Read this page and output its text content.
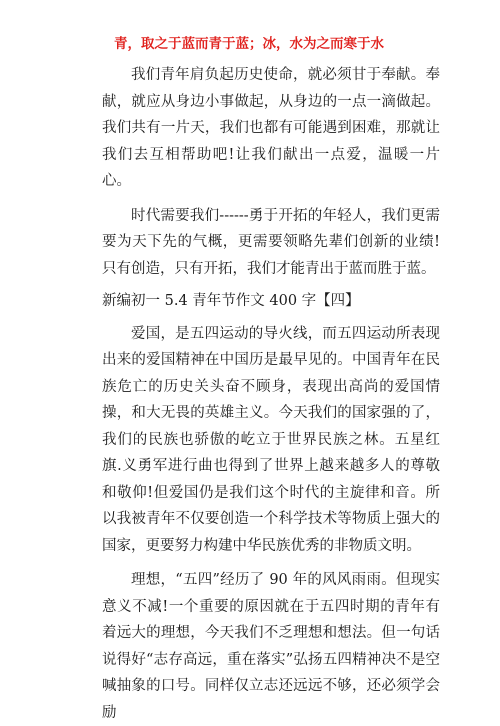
青，取之于蓝而青于蓝；冰，水为之而寒于水

我们青年肩负起历史使命，就必须甘于奉献。奉献，就应从身边小事做起，从身边的一点一滴做起。我们共有一片天，我们也都有可能遇到困难，那就让我们去互相帮助吧!让我们献出一点爱，温暖一片心。

时代需要我们------勇于开拓的年轻人，我们更需要为天下先的气概，更需要领略先辈们创新的业绩!只有创造，只有开拓，我们才能青出于蓝而胜于蓝。

新编初一 5.4 青年节作文 400 字【四】

爱国，是五四运动的导火线，而五四运动所表现出来的爱国精神在中国历是最早见的。中国青年在民族危亡的历史关头奋不顾身，表现出高尚的爱国情操，和大无畏的英雄主义。今天我们的国家强的了，我们的民族也骄傲的屹立于世界民族之林。五星红旗.义勇军进行曲也得到了世界上越来越多人的尊敬和敬仰!但爱国仍是我们这个时代的主旋律和音。所以我被青年不仅要创造一个科学技术等物质上强大的国家，更要努力构建中华民族优秀的非物质文明。

理想，“五四”经历了 90 年的风风雨雨。但现实意义不减!一个重要的原因就在于五四时期的青年有着远大的理想，今天我们不乏理想和想法。但一句话说得好“志存高远，重在落实”弘扬五四精神决不是空喊抽象的口号。同样仅立志还远远不够，还必须学会励
